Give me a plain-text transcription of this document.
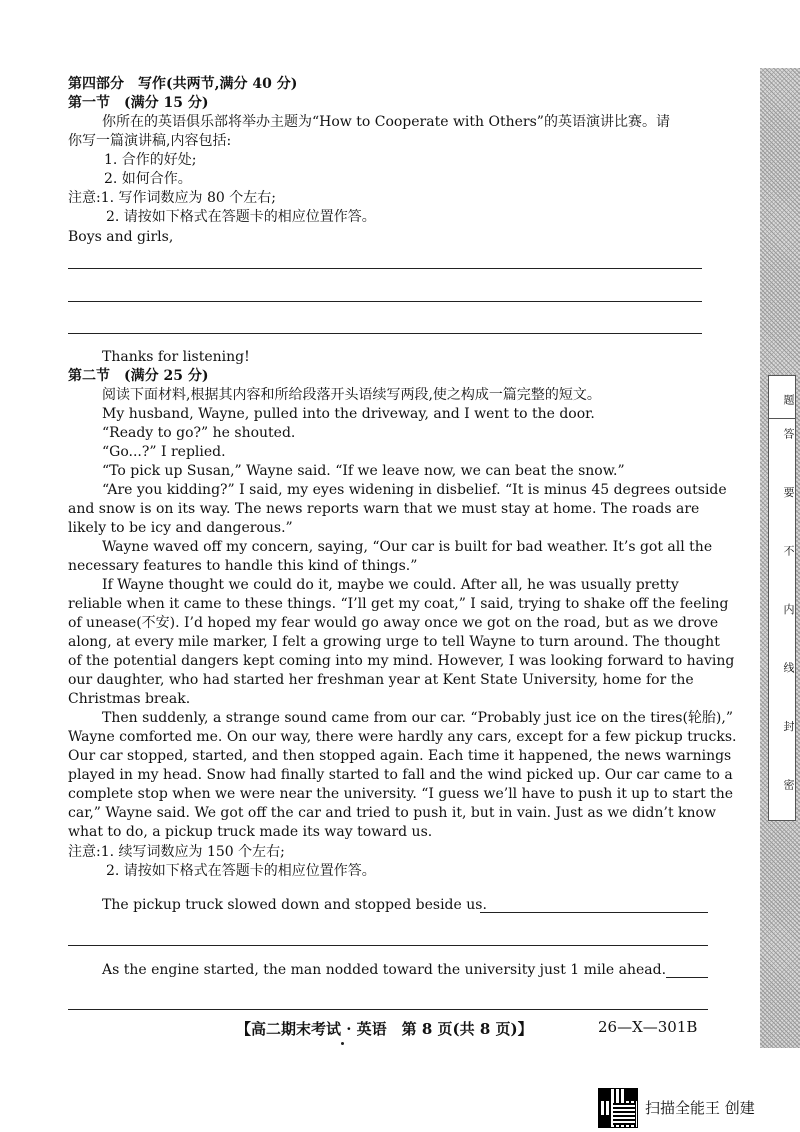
第四部分　写作(共两节,满分 40 分)
第一节　(满分 15 分)
你所在的英语俱乐部将举办主题为“How to Cooperate with Others”的英语演讲比赛。请
你写一篇演讲稿,内容包括:
1. 合作的好处;
2. 如何合作。
注意:1. 写作词数应为 80 个左右;
2. 请按如下格式在答题卡的相应位置作答。
Boys and girls,
Thanks for listening!
第二节　(满分 25 分)
阅读下面材料,根据其内容和所给段落开头语续写两段,使之构成一篇完整的短文。
My husband, Wayne, pulled into the driveway, and I went to the door.
“Ready to go?” he shouted.
“Go...?” I replied.
“To pick up Susan,” Wayne said. “If we leave now, we can beat the snow.”
“Are you kidding?” I said, my eyes widening in disbelief. “It is minus 45 degrees outside
and snow is on its way. The news reports warn that we must stay at home. The roads are
likely to be icy and dangerous.”
Wayne waved off my concern, saying, “Our car is built for bad weather. It’s got all the
necessary features to handle this kind of things.”
If Wayne thought we could do it, maybe we could. After all, he was usually pretty
reliable when it came to these things. “I’ll get my coat,” I said, trying to shake off the feeling
of unease(不安). I’d hoped my fear would go away once we got on the road, but as we drove
along, at every mile marker, I felt a growing urge to tell Wayne to turn around. The thought
of the potential dangers kept coming into my mind. However, I was looking forward to having
our daughter, who had started her freshman year at Kent State University, home for the
Christmas break.
Then suddenly, a strange sound came from our car. “Probably just ice on the tires(轮胎),”
Wayne comforted me. On our way, there were hardly any cars, except for a few pickup trucks.
Our car stopped, started, and then stopped again. Each time it happened, the news warnings
played in my head. Snow had finally started to fall and the wind picked up. Our car came to a
complete stop when we were near the university. “I guess we’ll have to push it up to start the
car,” Wayne said. We got off the car and tried to push it, but in vain. Just as we didn’t know
what to do, a pickup truck made its way toward us.
注意:1. 续写词数应为 150 个左右;
2. 请按如下格式在答题卡的相应位置作答。
The pickup truck slowed down and stopped beside us.
As the engine started, the man nodded toward the university just 1 mile ahead.
【高二期末考试 · 英语　第 8 页(共 8 页)】	26—X—301B
题
答 要 不 内 线 封 密
扫描全能王 创建
